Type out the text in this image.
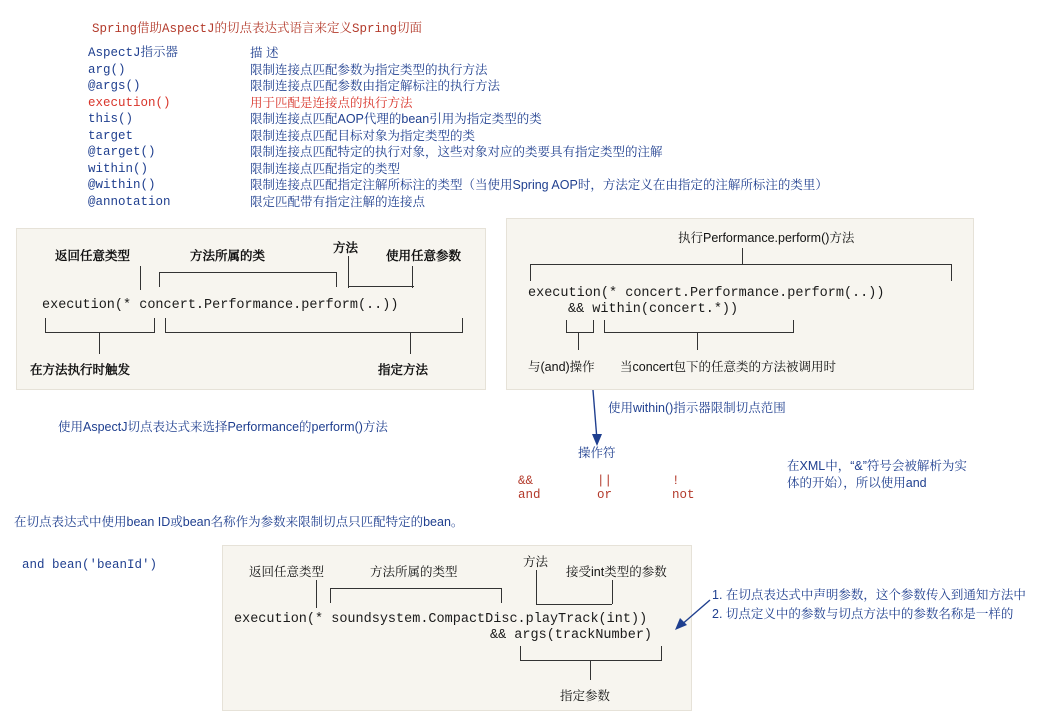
Spring借助AspectJ的切点表达式语言来定义Spring切面
AspectJ指示器	描 述
arg()	限制连接点匹配参数为指定类型的执行方法
@args()	限制连接点匹配参数由指定解标注的执行方法
execution()	用于匹配是连接点的执行方法
this()	限制连接点匹配AOP代理的bean引用为指定类型的类
target	限制连接点匹配目标对象为指定类型的类
@target()	限制连接点匹配特定的执行对象，这些对象对应的类要具有指定类型的注解
within()	限制连接点匹配指定的类型
@within()	限制连接点匹配指定注解所标注的类型（当使用Spring AOP时，方法定义在由指定的注解所标注的类里）
@annotation	限定匹配带有指定注解的连接点
返回任意类型	方法所属的类
方法
使用任意参数
execution(* concert.Performance.perform(..))
在方法执行时触发	指定方法
使用AspectJ切点表达式来选择Performance的perform()方法
执行Performance.perform()方法
execution(* concert.Performance.perform(..))
&& within(concert.*))
与(and)操作 当concert包下的任意类的方法被调用时
使用within()指示器限制切点范围
操作符
&&
and
||
or
!
not
在XML中，“&”符号会被解析为实体的开始），所以使用and
在切点表达式中使用bean ID或bean名称作为参数来限制切点只匹配特定的bean。
and bean('beanId')	返回任意类型	方法所属的类型
方法
接受int类型的参数
execution(* soundsystem.CompactDisc.playTrack(int))
&& args(trackNumber)
指定参数
1. 在切点表达式中声明参数，这个参数传入到通知方法中
2. 切点定义中的参数与切点方法中的参数名称是一样的
